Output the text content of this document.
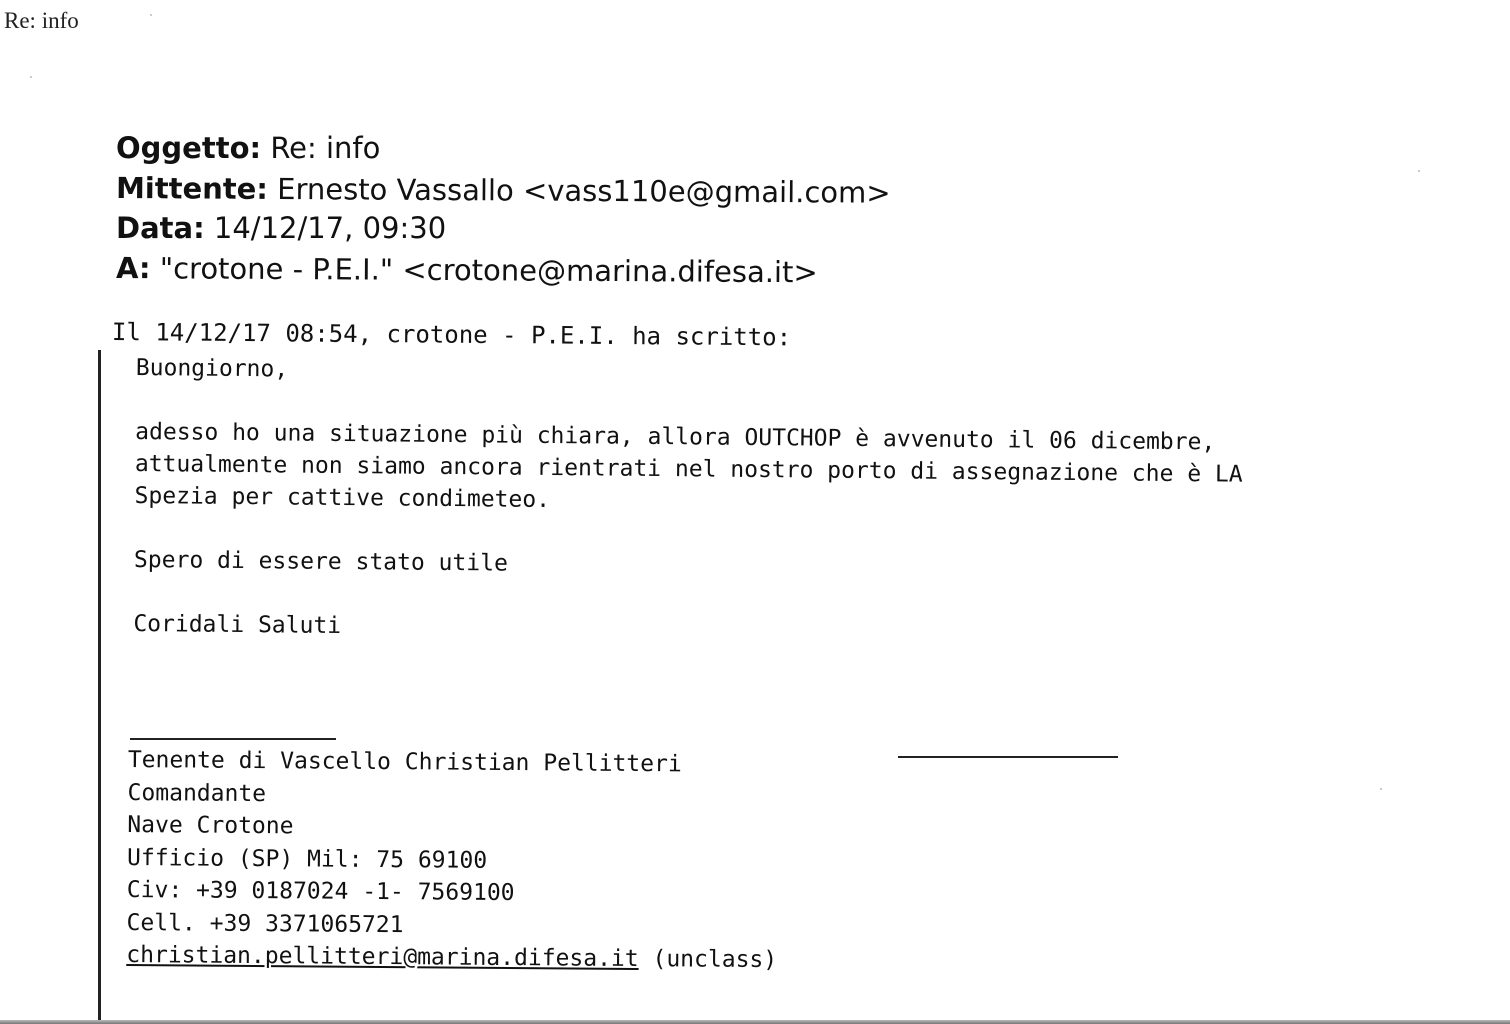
Re: info
Oggetto: Re: info
Mittente: Ernesto Vassallo <vass110e@gmail.com>
Data: 14/12/17, 09:30
A: "crotone - P.E.I." <crotone@marina.difesa.it>
Il 14/12/17 08:54, crotone - P.E.I. ha scritto:
Buongiorno,
adesso ho una situazione più chiara, allora OUTCHOP è avvenuto il 06 dicembre,
attualmente non siamo ancora rientrati nel nostro porto di assegnazione che è LA
Spezia per cattive condimeteo.
Spero di essere stato utile
Coridali Saluti
Tenente di Vascello Christian Pellitteri
Comandante
Nave Crotone
Ufficio (SP) Mil: 75 69100
Civ: +39 0187024 -1- 7569100
Cell. +39 3371065721
christian.pellitteri@marina.difesa.it (unclass)
